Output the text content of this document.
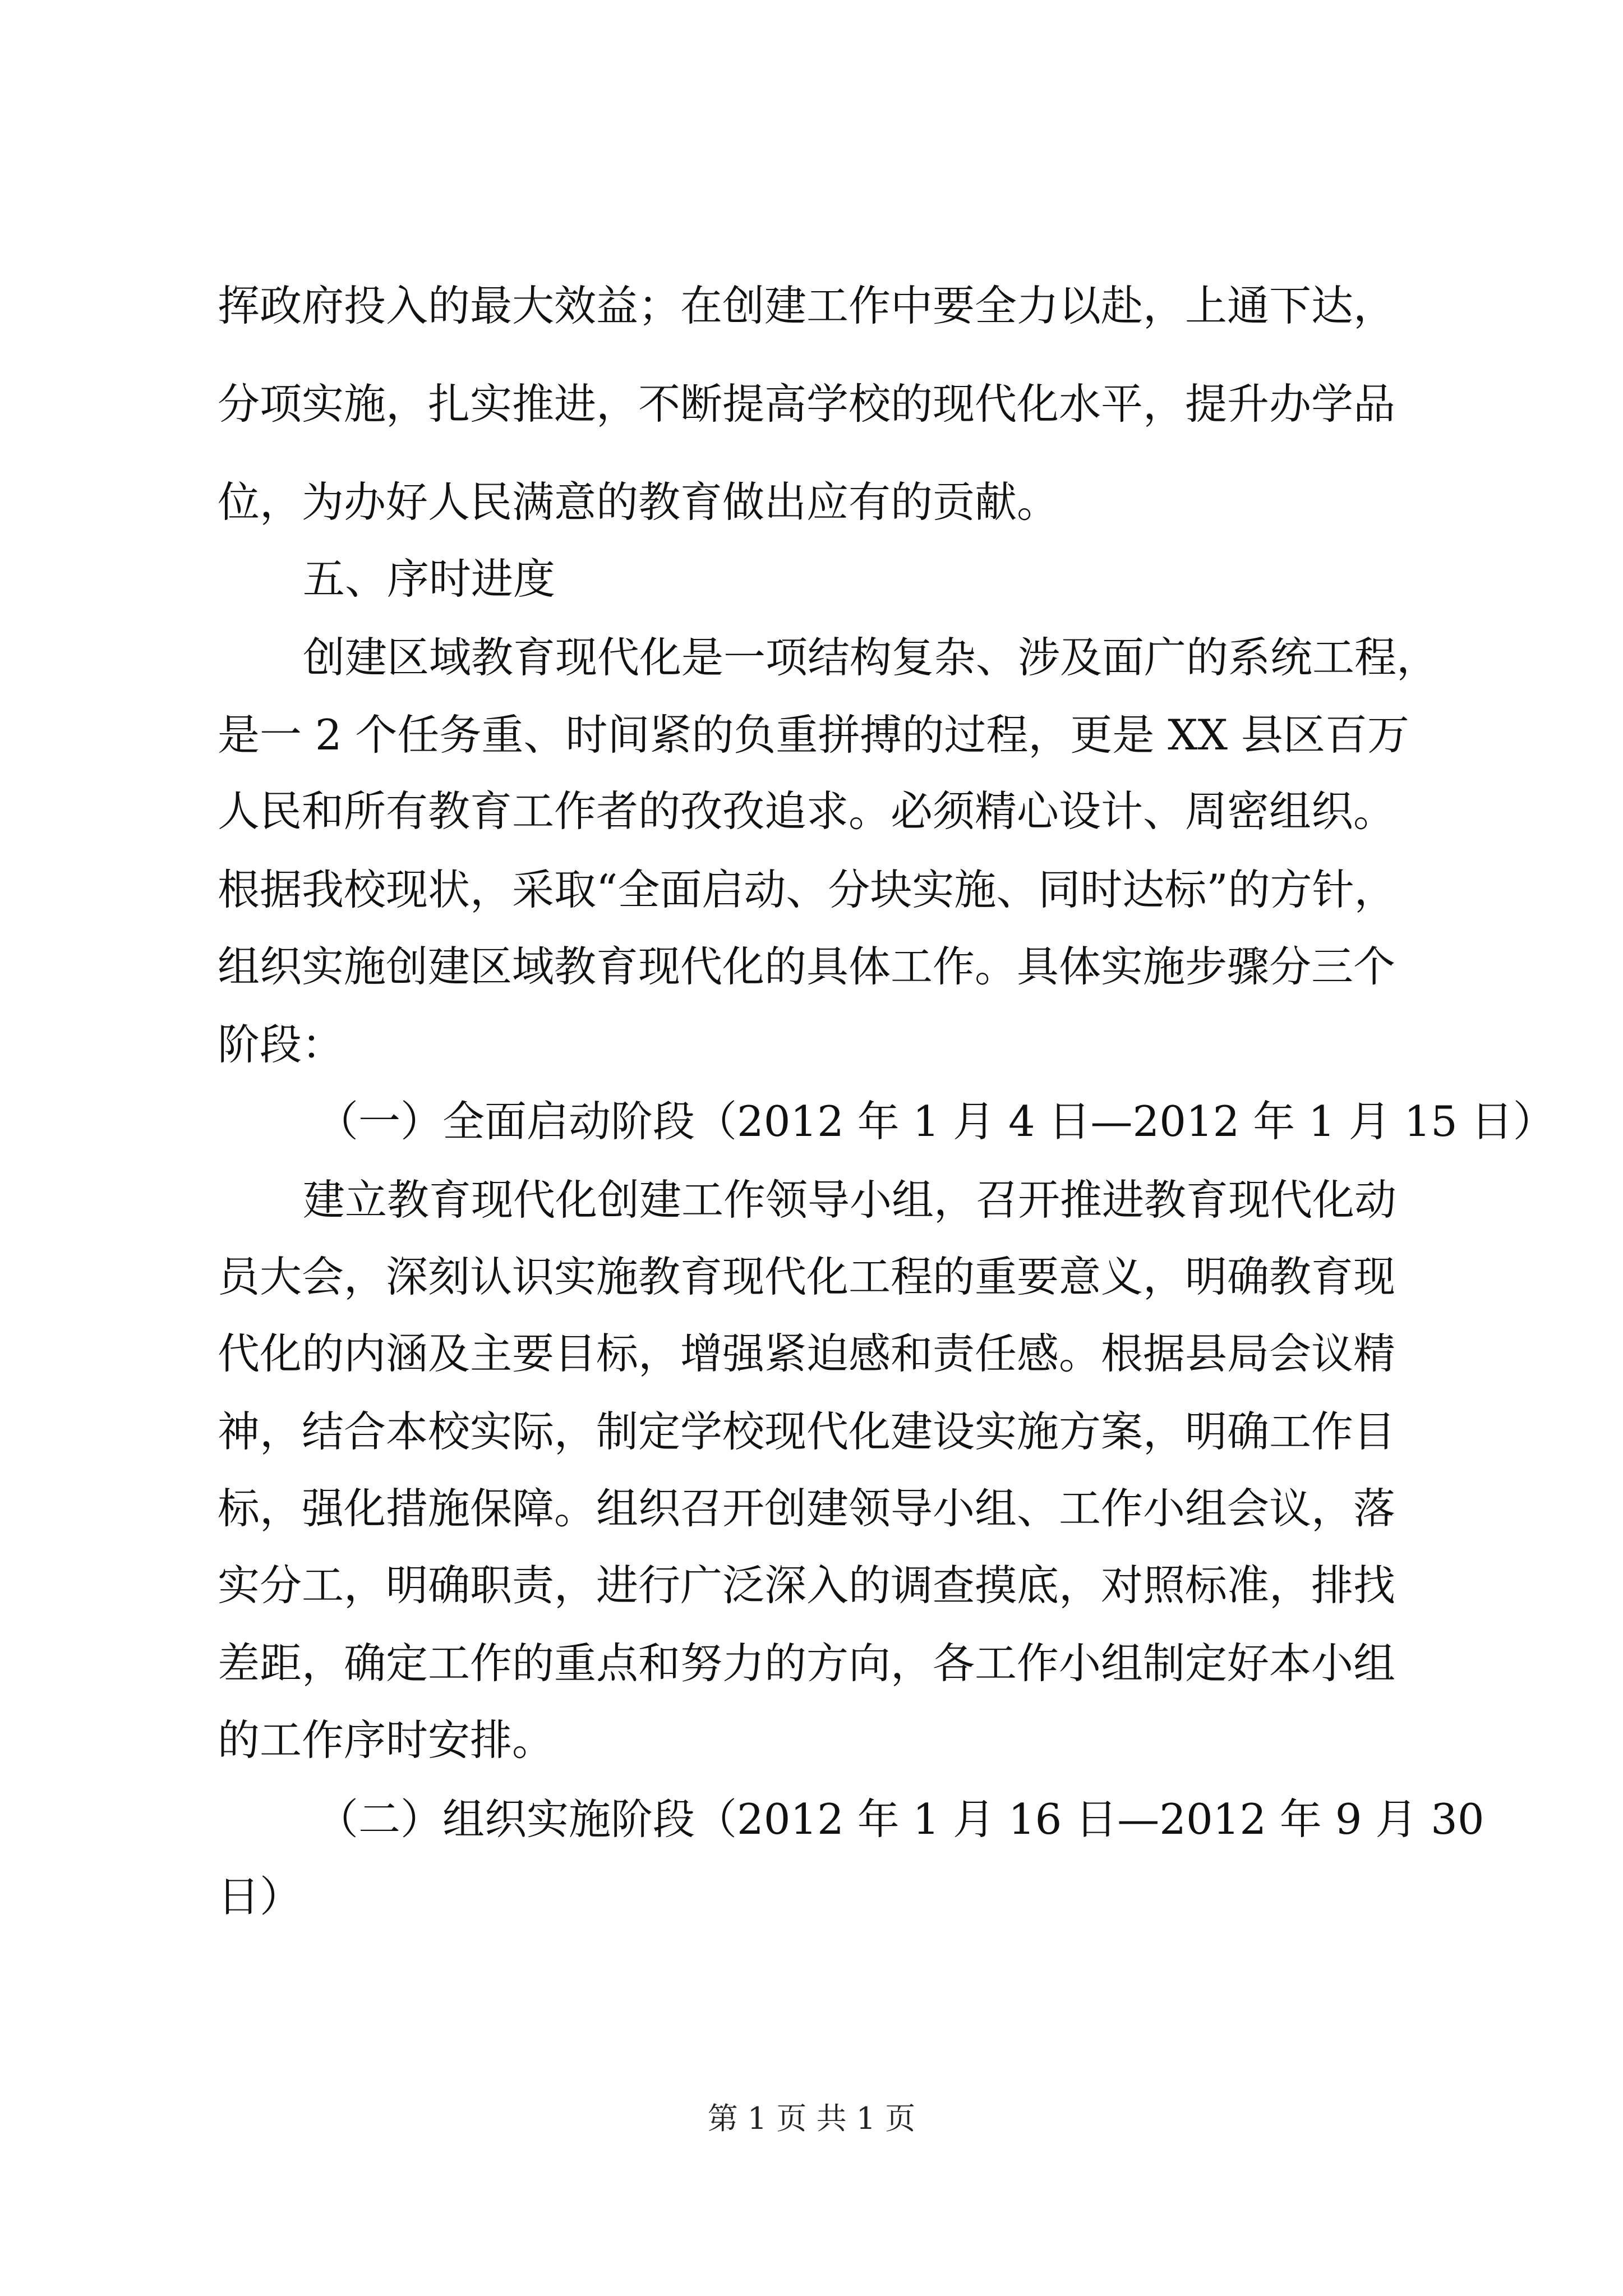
挥政府投入的最大效益；在创建工作中要全力以赴，上通下达，

分项实施，扎实推进，不断提高学校的现代化水平，提升办学品

位，为办好人民满意的教育做出应有的贡献。

五、序时进度

创建区域教育现代化是一项结构复杂、涉及面广的系统工程，

是一 2 个任务重、时间紧的负重拼搏的过程，更是 XX 县区百万

人民和所有教育工作者的孜孜追求。必须精心设计、周密组织。

根据我校现状，采取“全面启动、分块实施、同时达标”的方针，

组织实施创建区域教育现代化的具体工作。具体实施步骤分三个

阶段：

（一）全面启动阶段（2012 年 1 月 4 日—2012 年 1 月 15 日）

建立教育现代化创建工作领导小组，召开推进教育现代化动

员大会，深刻认识实施教育现代化工程的重要意义，明确教育现

代化的内涵及主要目标，增强紧迫感和责任感。根据县局会议精

神，结合本校实际，制定学校现代化建设实施方案，明确工作目

标，强化措施保障。组织召开创建领导小组、工作小组会议，落

实分工，明确职责，进行广泛深入的调查摸底，对照标准，排找

差距，确定工作的重点和努力的方向，各工作小组制定好本小组

的工作序时安排。

（二）组织实施阶段（2012 年 1 月 16 日—2012 年 9 月 30

日）

第 1 页 共 1 页
